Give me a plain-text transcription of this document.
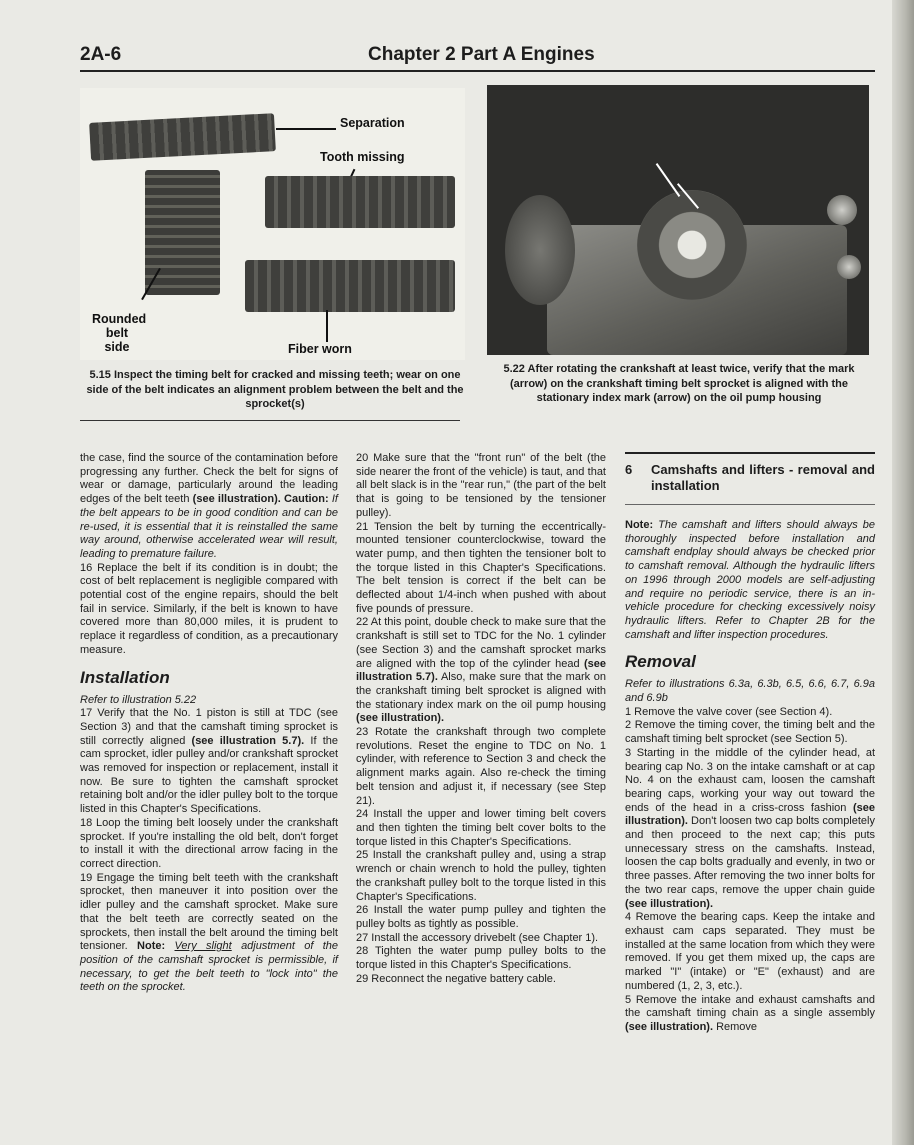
2A-6	Chapter 2 Part A Engines
Separation
Tooth missing
Rounded
belt
side	Fiber worn
5.15 Inspect the timing belt for cracked and missing teeth; wear on one side of the belt indicates an alignment problem between the belt and the sprocket(s)
5.22 After rotating the crankshaft at least twice, verify that the mark (arrow) on the crankshaft timing belt sprocket is aligned with the stationary index mark (arrow) on the oil pump housing

the case, find the source of the contamination before progressing any further. Check the belt for signs of wear or damage, particularly around the leading edges of the belt teeth (see illustration). Caution: If the belt appears to be in good condition and can be re-used, it is essential that it is reinstalled the same way around, otherwise accelerated wear will result, leading to premature failure.

16 Replace the belt if its condition is in doubt; the cost of belt replacement is negligible compared with potential cost of the engine repairs, should the belt fail in service. Similarly, if the belt is known to have covered more than 80,000 miles, it is prudent to replace it regardless of condition, as a precautionary measure.

Installation

Refer to illustration 5.22

17 Verify that the No. 1 piston is still at TDC (see Section 3) and that the camshaft timing sprocket is still correctly aligned (see illustration 5.7). If the cam sprocket, idler pulley and/or crankshaft sprocket was removed for inspection or replacement, install it now. Be sure to tighten the camshaft sprocket retaining bolt and/or the idler pulley bolt to the torque listed in this Chapter's Specifications.

18 Loop the timing belt loosely under the crankshaft sprocket. If you're installing the old belt, don't forget to install it with the directional arrow facing in the correct direction.

19 Engage the timing belt teeth with the crankshaft sprocket, then maneuver it into position over the idler pulley and the camshaft sprocket. Make sure that the belt teeth are correctly seated on the sprockets, then install the belt around the timing belt tensioner. Note: Very slight adjustment of the position of the camshaft sprocket is permissible, if necessary, to get the belt teeth to "lock into" the teeth on the sprocket.

20 Make sure that the "front run" of the belt (the side nearer the front of the vehicle) is taut, and that all belt slack is in the "rear run," (the part of the belt that is going to be tensioned by the tensioner pulley).

21 Tension the belt by turning the eccentrically-mounted tensioner counterclockwise, toward the water pump, and then tighten the tensioner bolt to the torque listed in this Chapter's Specifications. The belt tension is correct if the belt can be deflected about 1/4-inch when pushed with about five pounds of pressure.

22 At this point, double check to make sure that the crankshaft is still set to TDC for the No. 1 cylinder (see Section 3) and the camshaft sprocket marks are aligned with the top of the cylinder head (see illustration 5.7). Also, make sure that the mark on the crankshaft timing belt sprocket is aligned with the stationary index mark on the oil pump housing (see illustration).

23 Rotate the crankshaft through two complete revolutions. Reset the engine to TDC on No. 1 cylinder, with reference to Section 3 and check the alignment marks again. Also re-check the timing belt tension and adjust it, if necessary (see Step 21).

24 Install the upper and lower timing belt covers and then tighten the timing belt cover bolts to the torque listed in this Chapter's Specifications.

25 Install the crankshaft pulley and, using a strap wrench or chain wrench to hold the pulley, tighten the crankshaft pulley bolt to the torque listed in this Chapter's Specifications.

26 Install the water pump pulley and tighten the pulley bolts as tightly as possible.

27 Install the accessory drivebelt (see Chapter 1).

28 Tighten the water pump pulley bolts to the torque listed in this Chapter's Specifications.

29 Reconnect the negative battery cable.

6	Camshafts and lifters - removal and installation

Note: The camshaft and lifters should always be thoroughly inspected before installation and camshaft endplay should always be checked prior to camshaft removal. Although the hydraulic lifters on 1996 through 2000 models are self-adjusting and require no periodic service, there is an in-vehicle procedure for checking excessively noisy hydraulic lifters. Refer to Chapter 2B for the camshaft and lifter inspection procedures.

Removal

Refer to illustrations 6.3a, 6.3b, 6.5, 6.6, 6.7, 6.9a and 6.9b

1 Remove the valve cover (see Section 4).

2 Remove the timing cover, the timing belt and the camshaft timing belt sprocket (see Section 5).

3 Starting in the middle of the cylinder head, at bearing cap No. 3 on the intake camshaft or at cap No. 4 on the exhaust cam, loosen the camshaft bearing caps, working your way out toward the ends of the head in a criss-cross fashion (see illustration). Don't loosen two cap bolts completely and then proceed to the next cap; this puts unnecessary stress on the camshafts. Instead, loosen the cap bolts gradually and evenly, in two or three passes. After removing the two inner bolts for the two rear caps, remove the upper chain guide (see illustration).

4 Remove the bearing caps. Keep the intake and exhaust cam caps separated. They must be installed at the same location from which they were removed. If you get them mixed up, the caps are marked "I" (intake) or "E" (exhaust) and are numbered (1, 2, 3, etc.).

5 Remove the intake and exhaust camshafts and the camshaft timing chain as a single assembly (see illustration). Remove
